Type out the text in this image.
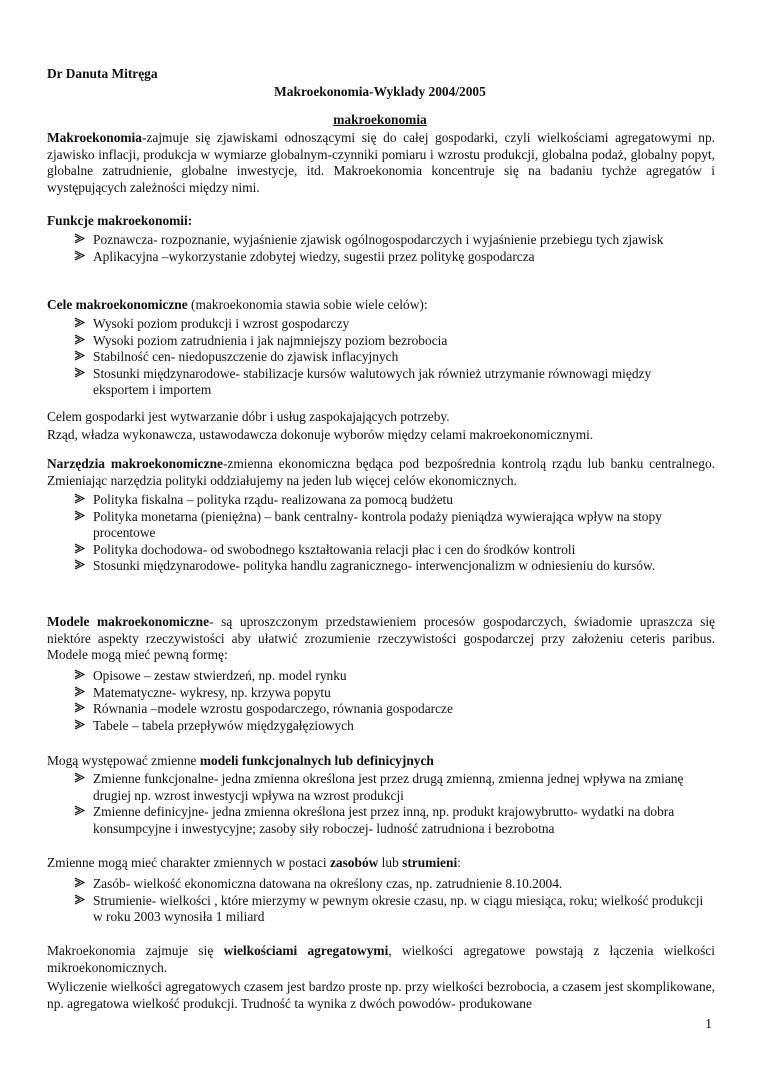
Dr Danuta Mitręga
Makroekonomia-Wyklady 2004/2005
makroekonomia

Makroekonomia-zajmuje się zjawiskami odnoszącymi się do całej gospodarki, czyli wielkościami agregatowymi np. zjawisko inflacji, produkcja w wymiarze globalnym-czynniki pomiaru i wzrostu produkcji, globalna podaż, globalny popyt, globalne zatrudnienie, globalne inwestycje, itd. Makroekonomia koncentruje się na badaniu tychże agregatów i występujących zależności między nimi.

Funkcje makroekonomii:
Poznawcza- rozpoznanie, wyjaśnienie zjawisk ogólnogospodarczych i wyjaśnienie przebiegu tych zjawisk
Aplikacyjna –wykorzystanie zdobytej wiedzy, sugestii przez politykę gospodarcza

Cele makroekonomiczne (makroekonomia stawia sobie wiele celów):

Wysoki poziom produkcji i wzrost gospodarczy
Wysoki poziom zatrudnienia i jak najmniejszy poziom bezrobocia
Stabilność cen- niedopuszczenie do zjawisk inflacyjnych
Stosunki międzynarodowe- stabilizacje kursów walutowych jak również utrzymanie równowagi między eksportem i importem

Celem gospodarki jest wytwarzanie dóbr i usług zaspokajających potrzeby.

Rząd, władza wykonawcza, ustawodawcza dokonuje wyborów między celami makroekonomicznymi.

Narzędzia makroekonomiczne-zmienna ekonomiczna będąca pod bezpośrednia kontrolą rządu lub banku centralnego. Zmieniając narzędzia polityki oddziałujemy na jeden lub więcej celów ekonomicznych.

Polityka fiskalna – polityka rządu- realizowana za pomocą budżetu
Polityka monetarna (pieniężna) – bank centralny- kontrola podaży pieniądza wywierająca wpływ na stopy procentowe
Polityka dochodowa- od swobodnego kształtowania relacji płac i cen do środków kontroli
Stosunki międzynarodowe- polityka handlu zagranicznego- interwencjonalizm w odniesieniu do kursów.

Modele makroekonomiczne- są uproszczonym przedstawieniem procesów gospodarczych, świadomie upraszcza się niektóre aspekty rzeczywistości aby ułatwić zrozumienie rzeczywistości gospodarczej przy założeniu ceteris paribus. Modele mogą mieć pewną formę:

Opisowe – zestaw stwierdzeń, np. model rynku
Matematyczne- wykresy, np. krzywa popytu
Równania –modele wzrostu gospodarczego, równania gospodarcze
Tabele – tabela przepływów międzygałęziowych

Mogą występować zmienne modeli funkcjonalnych lub definicyjnych

Zmienne funkcjonalne- jedna zmienna określona jest przez drugą zmienną, zmienna jednej wpływa na zmianę drugiej np. wzrost inwestycji wpływa na wzrost produkcji
Zmienne definicyjne- jedna zmienna określona jest przez inną, np. produkt krajowybrutto- wydatki na dobra konsumpcyjne i inwestycyjne; zasoby siły roboczej- ludność zatrudniona i bezrobotna

Zmienne mogą mieć charakter zmiennych w postaci zasobów lub strumieni:

Zasób- wielkość ekonomiczna datowana na określony czas, np. zatrudnienie 8.10.2004.
Strumienie- wielkości , które mierzymy w pewnym okresie czasu, np. w ciągu miesiąca, roku; wielkość produkcji w roku 2003 wynosiła 1 miliard

Makroekonomia zajmuje się wielkościami agregatowymi, wielkości agregatowe powstają z łączenia wielkości mikroekonomicznych.

Wyliczenie wielkości agregatowych czasem jest bardzo proste np. przy wielkości bezrobocia, a czasem jest skomplikowane, np. agregatowa wielkość produkcji. Trudność ta wynika z dwóch powodów- produkowane

1
